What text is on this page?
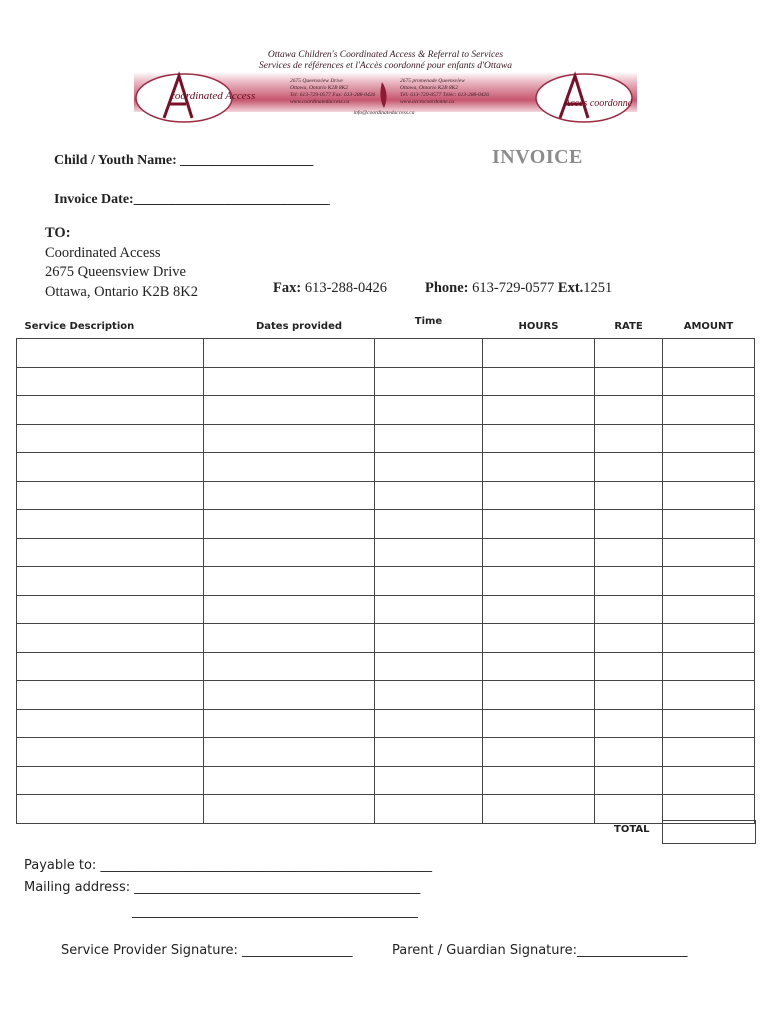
Ottawa Children's Coordinated Access & Referral to Services
Services de références et l'Accès coordonné pour enfants d'Ottawa
2675 Queensview Drive
Ottawa, Ontario K2B 8K2
Tel: 613-729-0577 Fax: 613-288-0426
www.coordinatedaccess.ca
2675 promenade Queensview
Ottawa, Ontario K2B 8K2
Tél: 613-729-0577 Téléc: 613-288-0426
www.accescoordonne.ca
info@coordinatedaccess.ca
coordinated Access
Accès coordonné
Child / Youth Name: ___________________	INVOICE
Invoice Date:____________________________
TO:
Coordinated Access
2675 Queensview Drive
Ottawa, Ontario K2B 8K2	Fax: 613-288-0426	Phone: 613-729-0577 Ext.1251
Service Description	Dates provided	Time	HOURS	RATE	AMOUNT

TOTAL
Payable to: ___________________________________________________
Mailing address: ____________________________________________
____________________________________________
Service Provider Signature: _________________	Parent / Guardian Signature:_________________
